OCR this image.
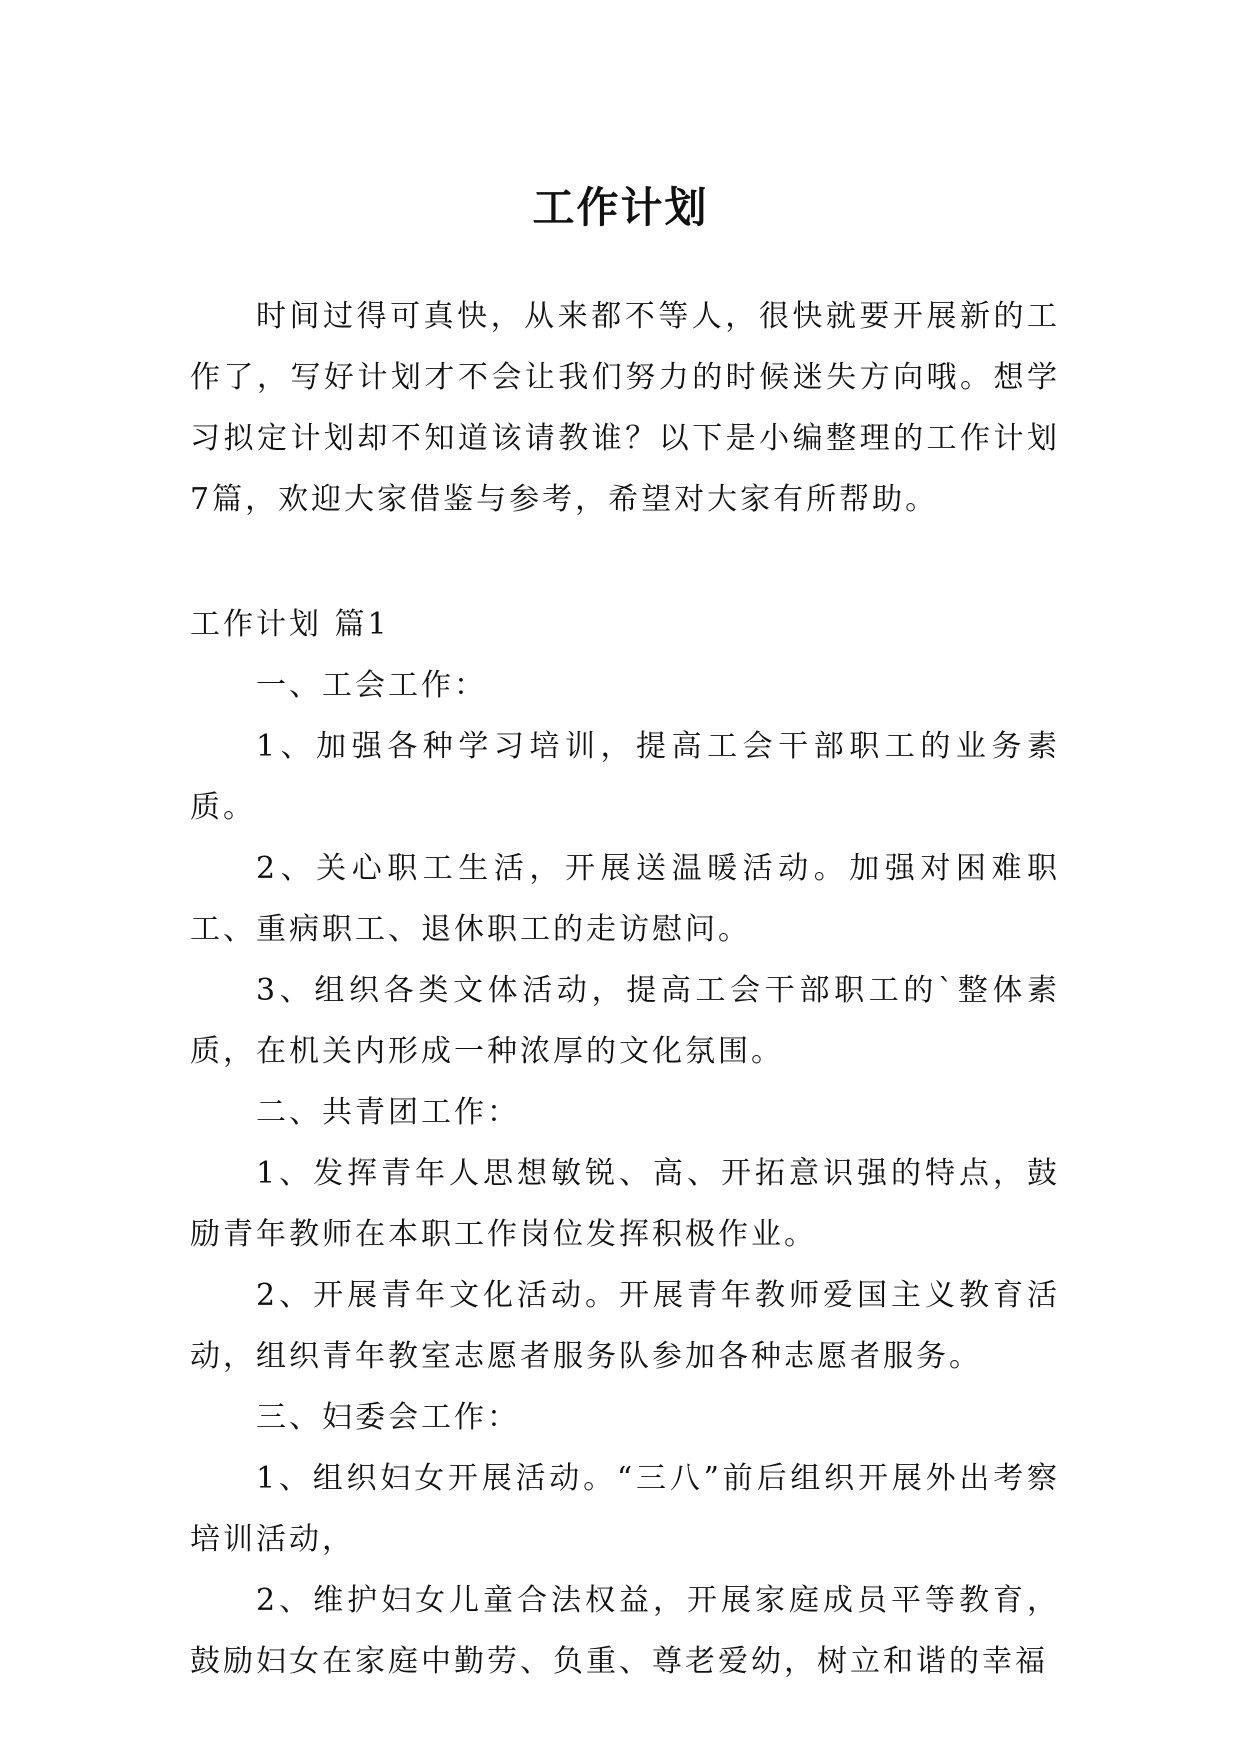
工作计划

时间过得可真快，从来都不等人，很快就要开展新的工作了，写好计划才不会让我们努力的时候迷失方向哦。想学习拟定计划却不知道该请教谁？以下是小编整理的工作计划7篇，欢迎大家借鉴与参考，希望对大家有所帮助。

工作计划 篇1

一、工会工作：

1、加强各种学习培训，提高工会干部职工的业务素质。

2、关心职工生活，开展送温暖活动。加强对困难职工、重病职工、退休职工的走访慰问。

3、组织各类文体活动，提高工会干部职工的`整体素质，在机关内形成一种浓厚的文化氛围。

二、共青团工作：

1、发挥青年人思想敏锐、高、开拓意识强的特点，鼓励青年教师在本职工作岗位发挥积极作业。

2、开展青年文化活动。开展青年教师爱国主义教育活动，组织青年教室志愿者服务队参加各种志愿者服务。

三、妇委会工作：

1、组织妇女开展活动。“三八”前后组织开展外出考察培训活动，

2、维护妇女儿童合法权益，开展家庭成员平等教育，鼓励妇女在家庭中勤劳、负重、尊老爱幼，树立和谐的幸福
